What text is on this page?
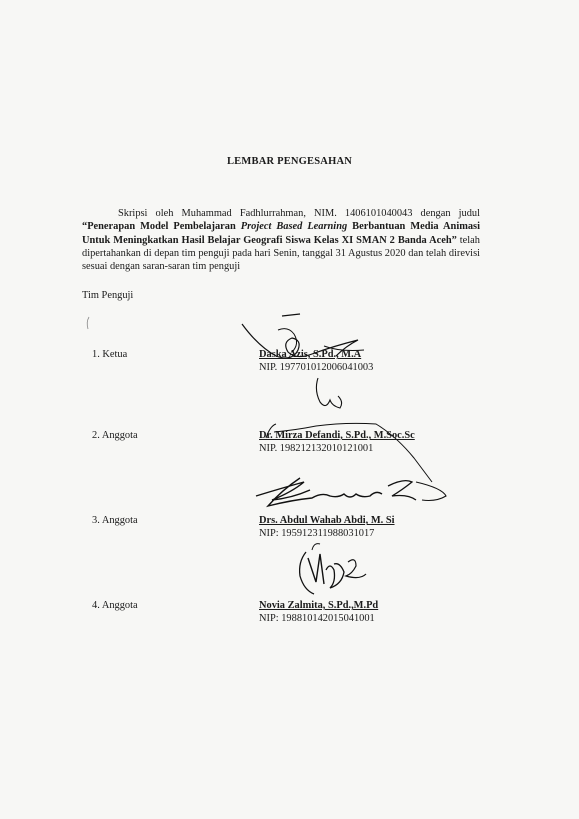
LEMBAR PENGESAHAN
Skripsi oleh Muhammad Fadhlurrahman, NIM. 1406101040043 dengan judul “Penerapan Model Pembelajaran Project Based Learning Berbantuan Media Animasi Untuk Meningkatkan Hasil Belajar Geografi Siswa Kelas XI SMAN 2 Banda Aceh” telah dipertahankan di depan tim penguji pada hari Senin, tanggal 31 Agustus 2020 dan telah direvisi sesuai dengan saran-saran tim penguji
Tim Penguji
1. Ketua	Daska Azis, S.Pd., M.A
NIP. 197701012006041003
2. Anggota	Dr. Mirza Defandi, S.Pd., M.Soc.Sc
NIP. 198212132010121001
3. Anggota	Drs. Abdul Wahab Abdi, M. Si
NIP: 195912311988031017
4. Anggota	Novia Zalmita, S.Pd.,M.Pd
NIP: 198810142015041001
